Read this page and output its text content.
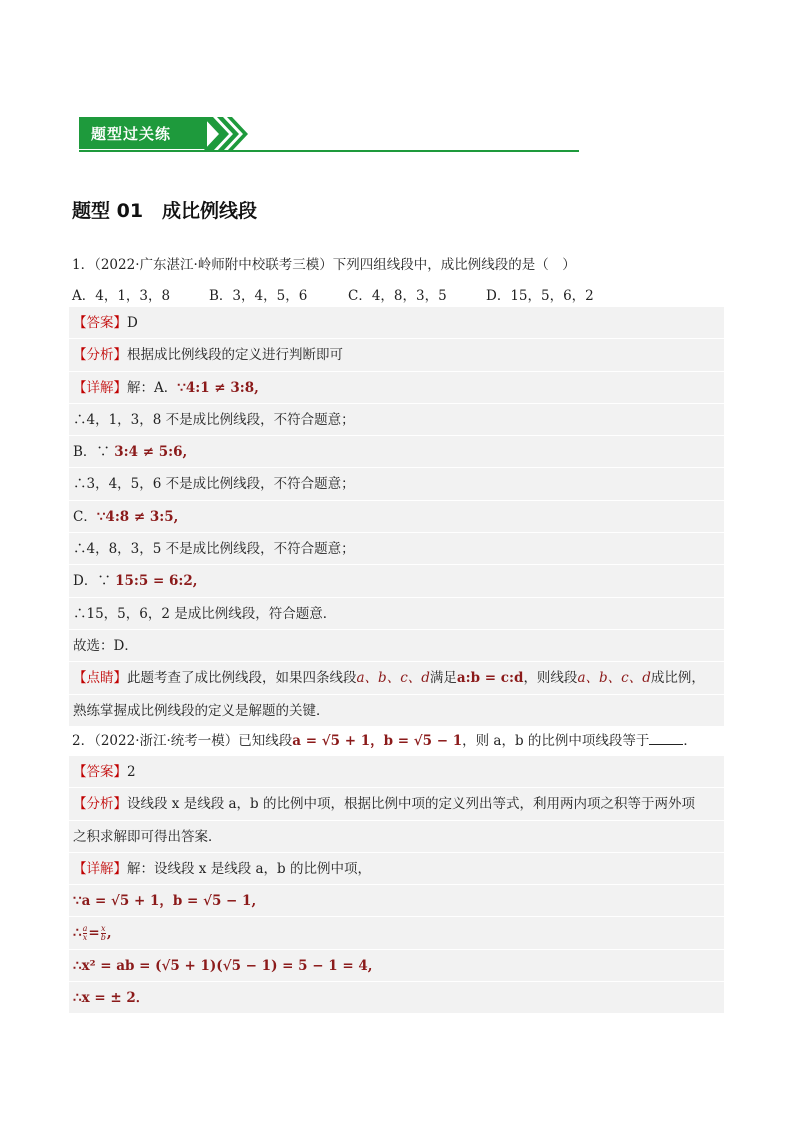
题型过关练
题型 01　成比例线段
1．（2022·广东湛江·岭师附中校联考三模）下列四组线段中，成比例线段的是（　）
A．4，1，3，8	B．3，4，5，6	C．4，8，3，5	D．15，5，6，2
【答案】D
【分析】根据成比例线段的定义进行判断即可
【详解】解：A．∵4:1 ≠ 3:8,
∴4，1，3，8 不是成比例线段，不符合题意；
B．∵ 3:4 ≠ 5:6,
∴3，4，5，6 不是成比例线段，不符合题意；
C．∵4:8 ≠ 3:5,
∴4，8，3，5 不是成比例线段，不符合题意；
D．∵ 15:5 = 6:2,
∴15，5，6，2 是成比例线段，符合题意．
故选：D．
【点睛】此题考查了成比例线段，如果四条线段a、b、c、d满足a:b = c:d，则线段a、b、c、d成比例，
熟练掌握成比例线段的定义是解题的关键．
2．（2022·浙江·统考一模）已知线段a = √5 + 1，b = √5 − 1，则 a，b 的比例中项线段等于	．
【答案】2
【分析】设线段 x 是线段 a，b 的比例中项，根据比例中项的定义列出等式，利用两内项之积等于两外项
之积求解即可得出答案．
【详解】解：设线段 x 是线段 a，b 的比例中项，
∵a = √5 + 1，b = √5 − 1,
∴ $\frac{a}{x} = \frac{x}{b}$ ,
∴x² = ab = (√5 + 1)(√5 − 1) = 5 − 1 = 4,
∴x = ± 2．
